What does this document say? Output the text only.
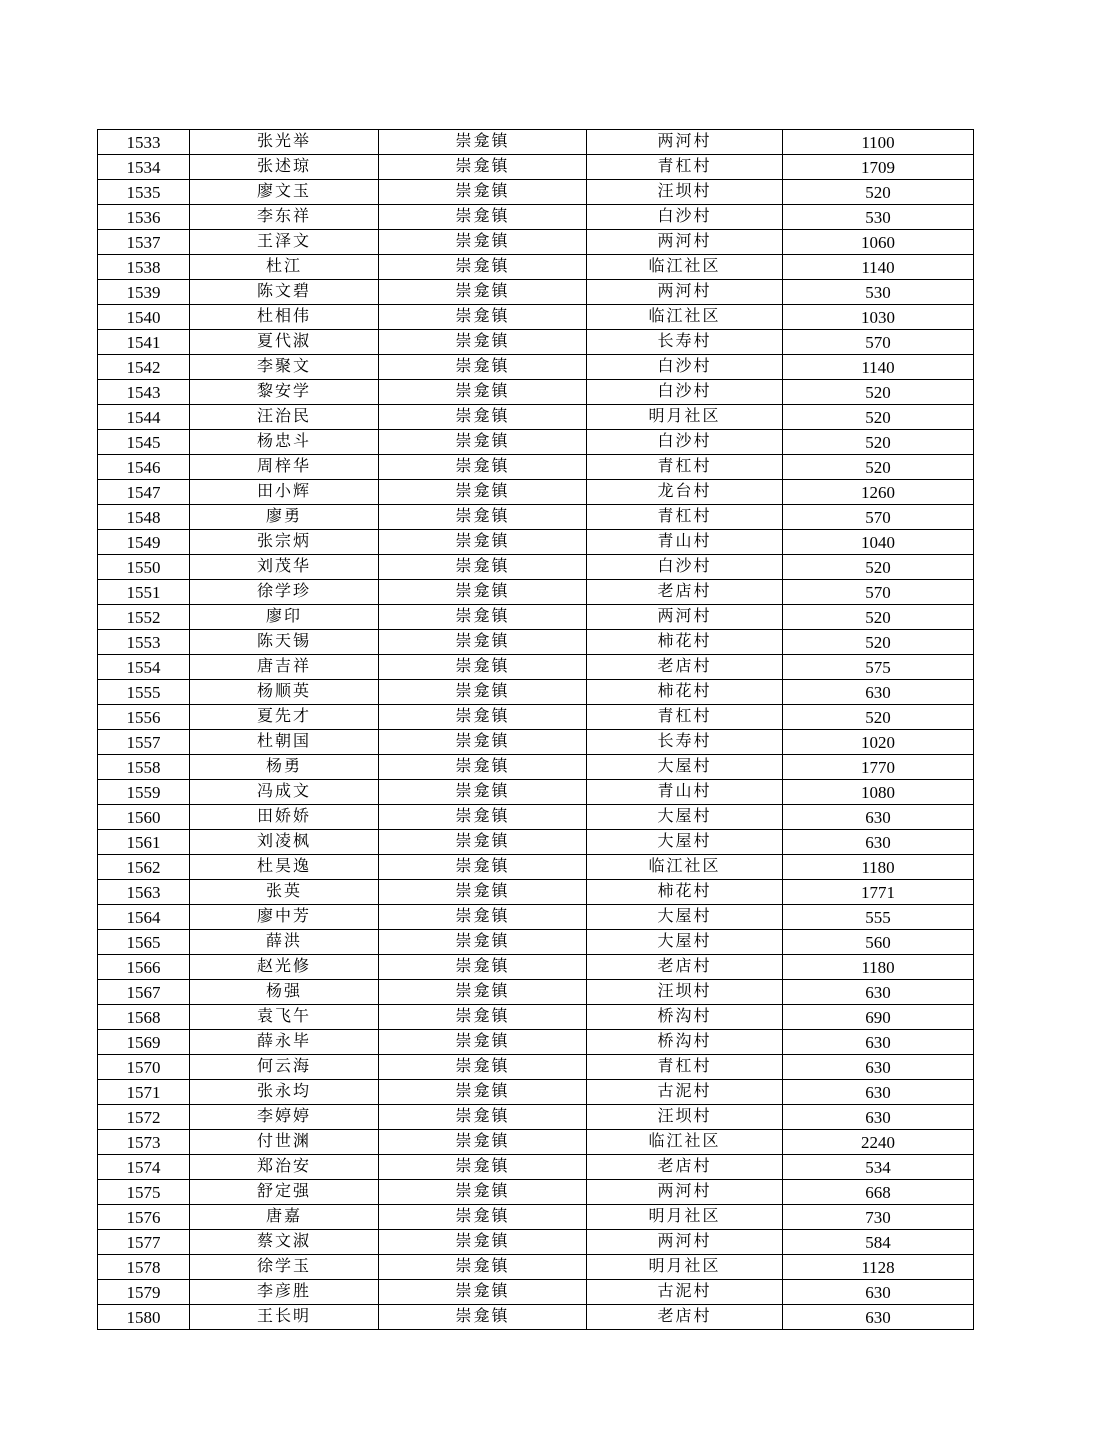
1533	张光举	崇龛镇	两河村	1100
1534	张述琼	崇龛镇	青杠村	1709
1535	廖文玉	崇龛镇	汪坝村	520
1536	李东祥	崇龛镇	白沙村	530
1537	王泽文	崇龛镇	两河村	1060
1538	杜江	崇龛镇	临江社区	1140
1539	陈文碧	崇龛镇	两河村	530
1540	杜相伟	崇龛镇	临江社区	1030
1541	夏代淑	崇龛镇	长寿村	570
1542	李聚文	崇龛镇	白沙村	1140
1543	黎安学	崇龛镇	白沙村	520
1544	汪治民	崇龛镇	明月社区	520
1545	杨忠斗	崇龛镇	白沙村	520
1546	周梓华	崇龛镇	青杠村	520
1547	田小辉	崇龛镇	龙台村	1260
1548	廖勇	崇龛镇	青杠村	570
1549	张宗炳	崇龛镇	青山村	1040
1550	刘茂华	崇龛镇	白沙村	520
1551	徐学珍	崇龛镇	老店村	570
1552	廖印	崇龛镇	两河村	520
1553	陈天锡	崇龛镇	柿花村	520
1554	唐吉祥	崇龛镇	老店村	575
1555	杨顺英	崇龛镇	柿花村	630
1556	夏先才	崇龛镇	青杠村	520
1557	杜朝国	崇龛镇	长寿村	1020
1558	杨勇	崇龛镇	大屋村	1770
1559	冯成文	崇龛镇	青山村	1080
1560	田娇娇	崇龛镇	大屋村	630
1561	刘凌枫	崇龛镇	大屋村	630
1562	杜昊逸	崇龛镇	临江社区	1180
1563	张英	崇龛镇	柿花村	1771
1564	廖中芳	崇龛镇	大屋村	555
1565	薛洪	崇龛镇	大屋村	560
1566	赵光修	崇龛镇	老店村	1180
1567	杨强	崇龛镇	汪坝村	630
1568	袁飞午	崇龛镇	桥沟村	690
1569	薛永毕	崇龛镇	桥沟村	630
1570	何云海	崇龛镇	青杠村	630
1571	张永均	崇龛镇	古泥村	630
1572	李婷婷	崇龛镇	汪坝村	630
1573	付世渊	崇龛镇	临江社区	2240
1574	郑治安	崇龛镇	老店村	534
1575	舒定强	崇龛镇	两河村	668
1576	唐嘉	崇龛镇	明月社区	730
1577	蔡文淑	崇龛镇	两河村	584
1578	徐学玉	崇龛镇	明月社区	1128
1579	李彦胜	崇龛镇	古泥村	630
1580	王长明	崇龛镇	老店村	630
